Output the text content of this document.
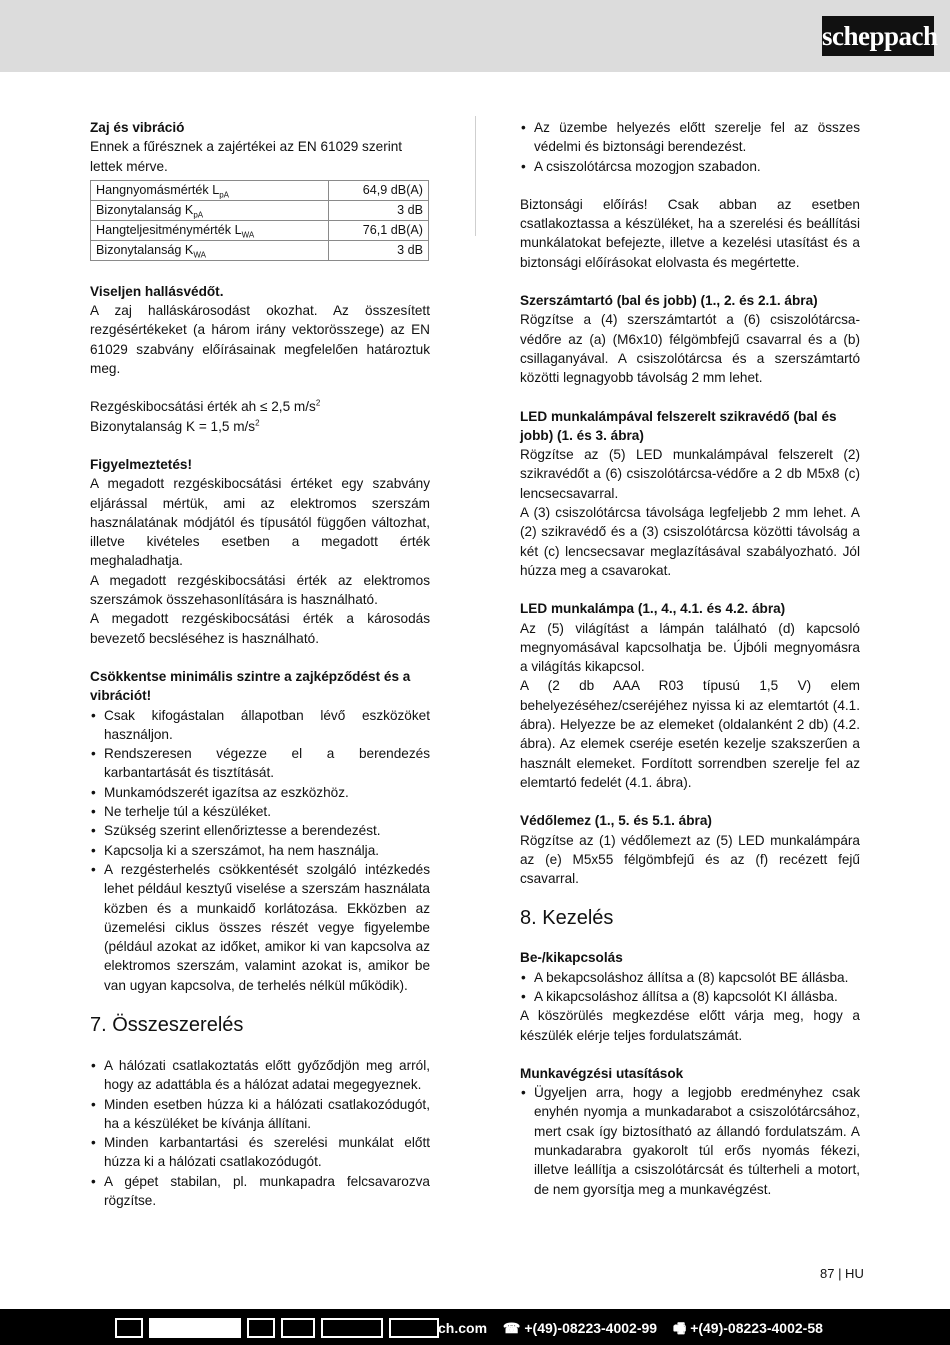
scheppach

Zaj és vibráció

Ennek a fűrésznek a zajértékei az EN 61029 szerint lettek mérve.

Hangnyomásmérték $L_{pA}$	64,9 dB(A)
Bizonytalanság $K_{pA}$	3 dB
Hangteljesitménymérték $L_{WA}$	76,1 dB(A)
Bizonytalanság $K_{WA}$	3 dB

Viseljen hallásvédőt.

A zaj halláskárosodást okozhat. Az összesített rezgésértékeket (a három irány vektorösszege) az EN 61029 szabvány előírásainak megfelelően határoztuk meg.

Rezgéskibocsátási érték ah ≤ 2,5 $m/s^2$

Bizonytalanság K = 1,5 $m/s^2$

Figyelmeztetés!

A megadott rezgéskibocsátási értéket egy szabvány eljárással mértük, ami az elektromos szerszám használatának módjától és típusától függően változhat, illetve kivételes esetben a megadott érték meghaladhatja.

A megadott rezgéskibocsátási érték az elektromos szerszámok összehasonlítására is használható.

A megadott rezgéskibocsátási érték a károsodás bevezető becsléséhez is használható.

Csökkentse minimális szintre a zajképződést és a vibrációt!

• Csak kifogástalan állapotban lévő eszközöket használjon.
• Rendszeresen végezze el a berendezés karbantartását és tisztítását.
• Munkamódszerét igazítsa az eszközhöz.
• Ne terhelje túl a készüléket.
• Szükség szerint ellenőriztesse a berendezést.
• Kapcsolja ki a szerszámot, ha nem használja.
• A rezgésterhelés csökkentését szolgáló intézkedés lehet például kesztyű viselése a szerszám használata közben és a munkaidő korlátozása. Ekközben az üzemelési ciklus összes részét vegye figyelembe (például azokat az időket, amikor ki van kapcsolva az elektromos szerszám, valamint azokat is, amikor be van ugyan kapcsolva, de terhelés nélkül működik).

7. Összeszerelés

• A hálózati csatlakoztatás előtt győződjön meg arról, hogy az adattábla és a hálózat adatai megegyeznek.
• Minden esetben húzza ki a hálózati csatlakozódugót, ha a készüléket be kívánja állítani.
• Minden karbantartási és szerelési munkálat előtt húzza ki a hálózati csatlakozódugót.
• A gépet stabilan, pl. munkapadra felcsavarozva rögzítse.
• Az üzembe helyezés előtt szerelje fel az összes védelmi és biztonsági berendezést.
• A csiszolótárcsa mozogjon szabadon.

Biztonsági előírás! Csak abban az esetben csatlakoztassa a készüléket, ha a szerelési és beállítási munkálatokat befejezte, illetve a kezelési utasítást és a biztonsági előírásokat elolvasta és megértette.

Szerszámtartó (bal és jobb) (1., 2. és 2.1. ábra)

Rögzítse a (4) szerszámtartót a (6) csiszolótárcsa-védőre az (a) (M6x10) félgömbfejű csavarral és a (b) csillaganyával. A csiszolótárcsa és a szerszámtartó közötti legnagyobb távolság 2 mm lehet.

LED munkalámpával felszerelt szikravédő (bal és jobb) (1. és 3. ábra)

Rögzítse az (5) LED munkalámpával felszerelt (2) szikravédőt a (6) csiszolótárcsa-védőre a 2 db M5x8 (c) lencsecsavarral.

A (3) csiszolótárcsa távolsága legfeljebb 2 mm lehet. A (2) szikravédő és a (3) csiszolótárcsa közötti távolság a két (c) lencsecsavar meglazításával szabályozható. Jól húzza meg a csavarokat.

LED munkalámpa (1., 4., 4.1. és 4.2. ábra)

Az (5) világítást a lámpán található (d) kapcsoló megnyomásával kapcsolhatja be. Újbóli megnyomásra a világítás kikapcsol.

A (2 db AAA R03 típusú 1,5 V) elem behelyezéséhez/cseréjéhez nyissa ki az elemtartót (4.1. ábra). Helyezze be az elemeket (oldalanként 2 db) (4.2. ábra). Az elemek cseréje esetén kezelje szakszerűen a használt elemeket. Fordított sorrendben szerelje fel az elemtartó fedelét (4.1. ábra).

Védőlemez (1., 5. és 5.1. ábra)

Rögzítse az (1) védőlemezt az (5) LED munkalámpára az (e) M5x55 félgömbfejű és az (f) recézett fejű csavarral.

8. Kezelés

Be-/kikapcsolás

• A bekapcsoláshoz állítsa a (8) kapcsolót BE állásba.
• A kikapcsoláshoz állítsa a (8) kapcsolót KI állásba.

A köszörülés megkezdése előtt várja meg, hogy a készülék elérje teljes fordulatszámát.

Munkavégzési utasítások

• Ügyeljen arra, hogy a legjobb eredményhez csak enyhén nyomja a munkadarabot a csiszolótárcsához, mert csak így biztosítható az állandó fordulatszám. A munkadarabra gyakorolt túl erős nyomás fékezi, illetve leállítja a csiszolótárcsát és túlterheli a motort, de nem gyorsítja meg a munkavégzést.
87 | HU
ch.com ☎ +(49)-08223-4002-99 🖷 +(49)-08223-4002-58
